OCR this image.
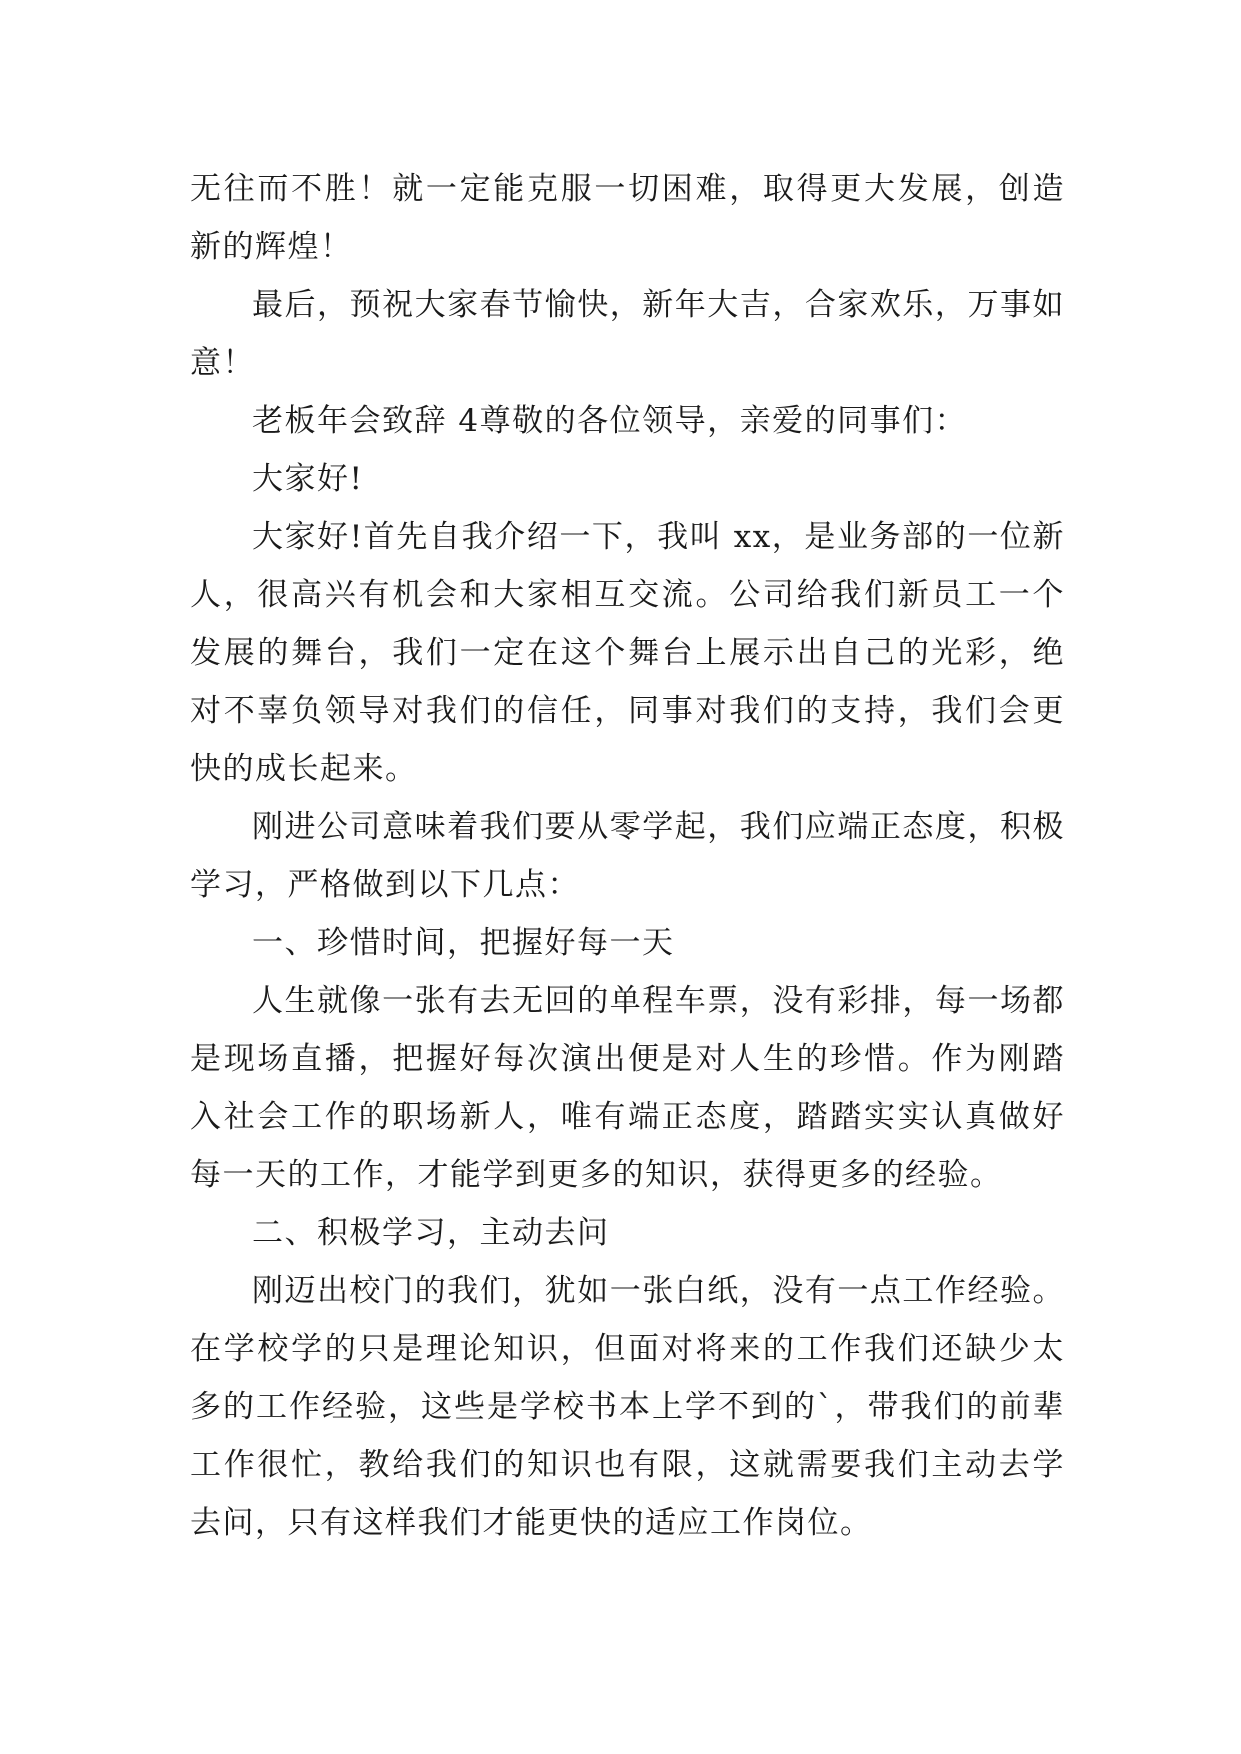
无往而不胜！就一定能克服一切困难，取得更大发展，创造新的辉煌！

最后，预祝大家春节愉快，新年大吉，合家欢乐，万事如意！

老板年会致辞 4尊敬的各位领导，亲爱的同事们：

大家好!

大家好!首先自我介绍一下，我叫 xx，是业务部的一位新人，很高兴有机会和大家相互交流。公司给我们新员工一个发展的舞台，我们一定在这个舞台上展示出自己的光彩，绝对不辜负领导对我们的信任，同事对我们的支持，我们会更快的成长起来。

刚进公司意味着我们要从零学起，我们应端正态度，积极学习，严格做到以下几点：

一、珍惜时间，把握好每一天

人生就像一张有去无回的单程车票，没有彩排，每一场都是现场直播，把握好每次演出便是对人生的珍惜。作为刚踏入社会工作的职场新人，唯有端正态度，踏踏实实认真做好每一天的工作，才能学到更多的知识，获得更多的经验。

二、积极学习，主动去问

刚迈出校门的我们，犹如一张白纸，没有一点工作经验。在学校学的只是理论知识，但面对将来的工作我们还缺少太多的工作经验，这些是学校书本上学不到的`，带我们的前辈工作很忙，教给我们的知识也有限，这就需要我们主动去学去问，只有这样我们才能更快的适应工作岗位。
